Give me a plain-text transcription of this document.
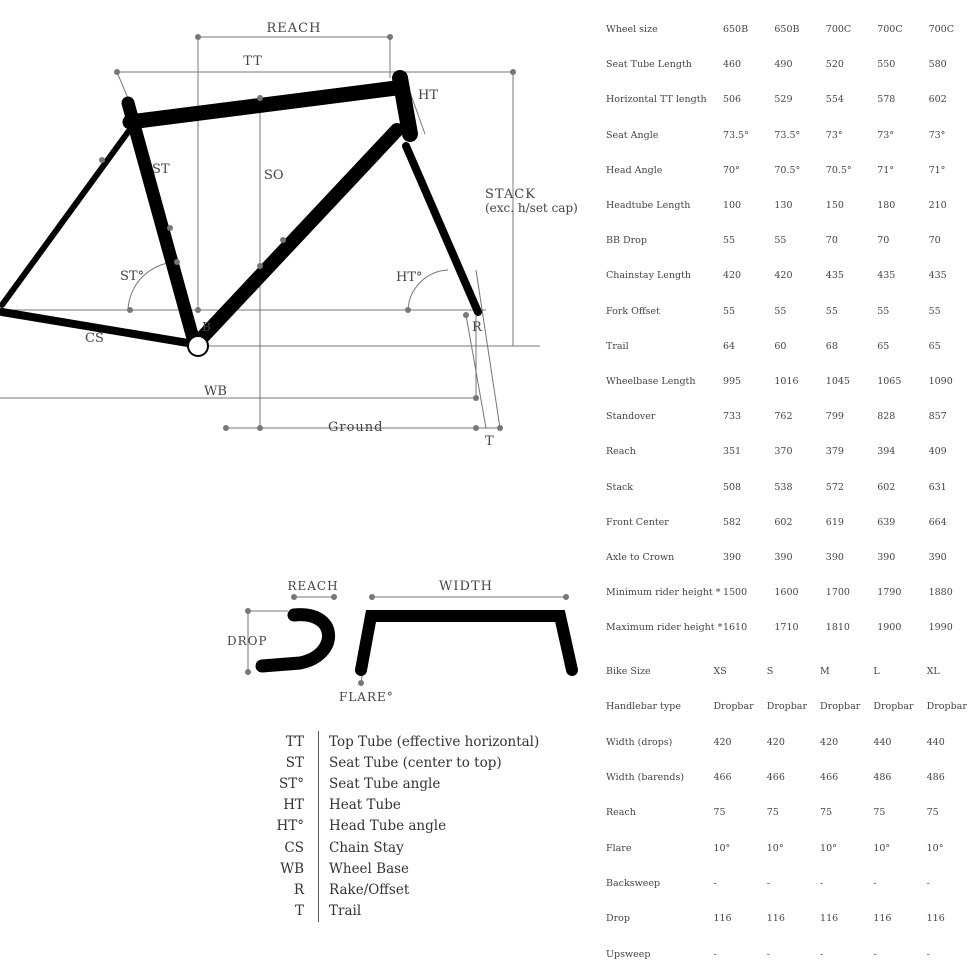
REACH
TT
HT
ST	SO
STACK
(exc. h/set cap)
ST°	HT°
CS
B	R
WB
Ground
T
REACH	WIDTH
DROP
FLARE°
TT	Top Tube (effective horizontal)
ST	Seat Tube (center to top)
ST°	Seat Tube angle
HT	Heat Tube
HT°	Head Tube angle
CS	Chain Stay
WB	Wheel Base
R	Rake/Offset
T	Trail
Wheel size	650B	650B	700C	700C	700C
Seat Tube Length	460	490	520	550	580
Horizontal TT length	506	529	554	578	602
Seat Angle	73.5°	73.5°	73°	73°	73°
Head Angle	70°	70.5°	70.5°	71°	71°
Headtube Length	100	130	150	180	210
BB Drop	55	55	70	70	70
Chainstay Length	420	420	435	435	435
Fork Offset	55	55	55	55	55
Trail	64	60	68	65	65
Wheelbase Length	995	1016	1045	1065	1090
Standover	733	762	799	828	857
Reach	351	370	379	394	409
Stack	508	538	572	602	631
Front Center	582	602	619	639	664
Axle to Crown	390	390	390	390	390
Minimum rider height *	1500	1600	1700	1790	1880
Maximum rider height *	1610	1710	1810	1900	1990
Bike Size	XS	S	M	L	XL
Handlebar type	Dropbar	Dropbar	Dropbar	Dropbar	Dropbar
Width (drops)	420	420	420	440	440
Width (barends)	466	466	466	486	486
Reach	75	75	75	75	75
Flare	10°	10°	10°	10°	10°
Backsweep	-	-	-	-	-
Drop	116	116	116	116	116
Upsweep	-	-	-	-	-
